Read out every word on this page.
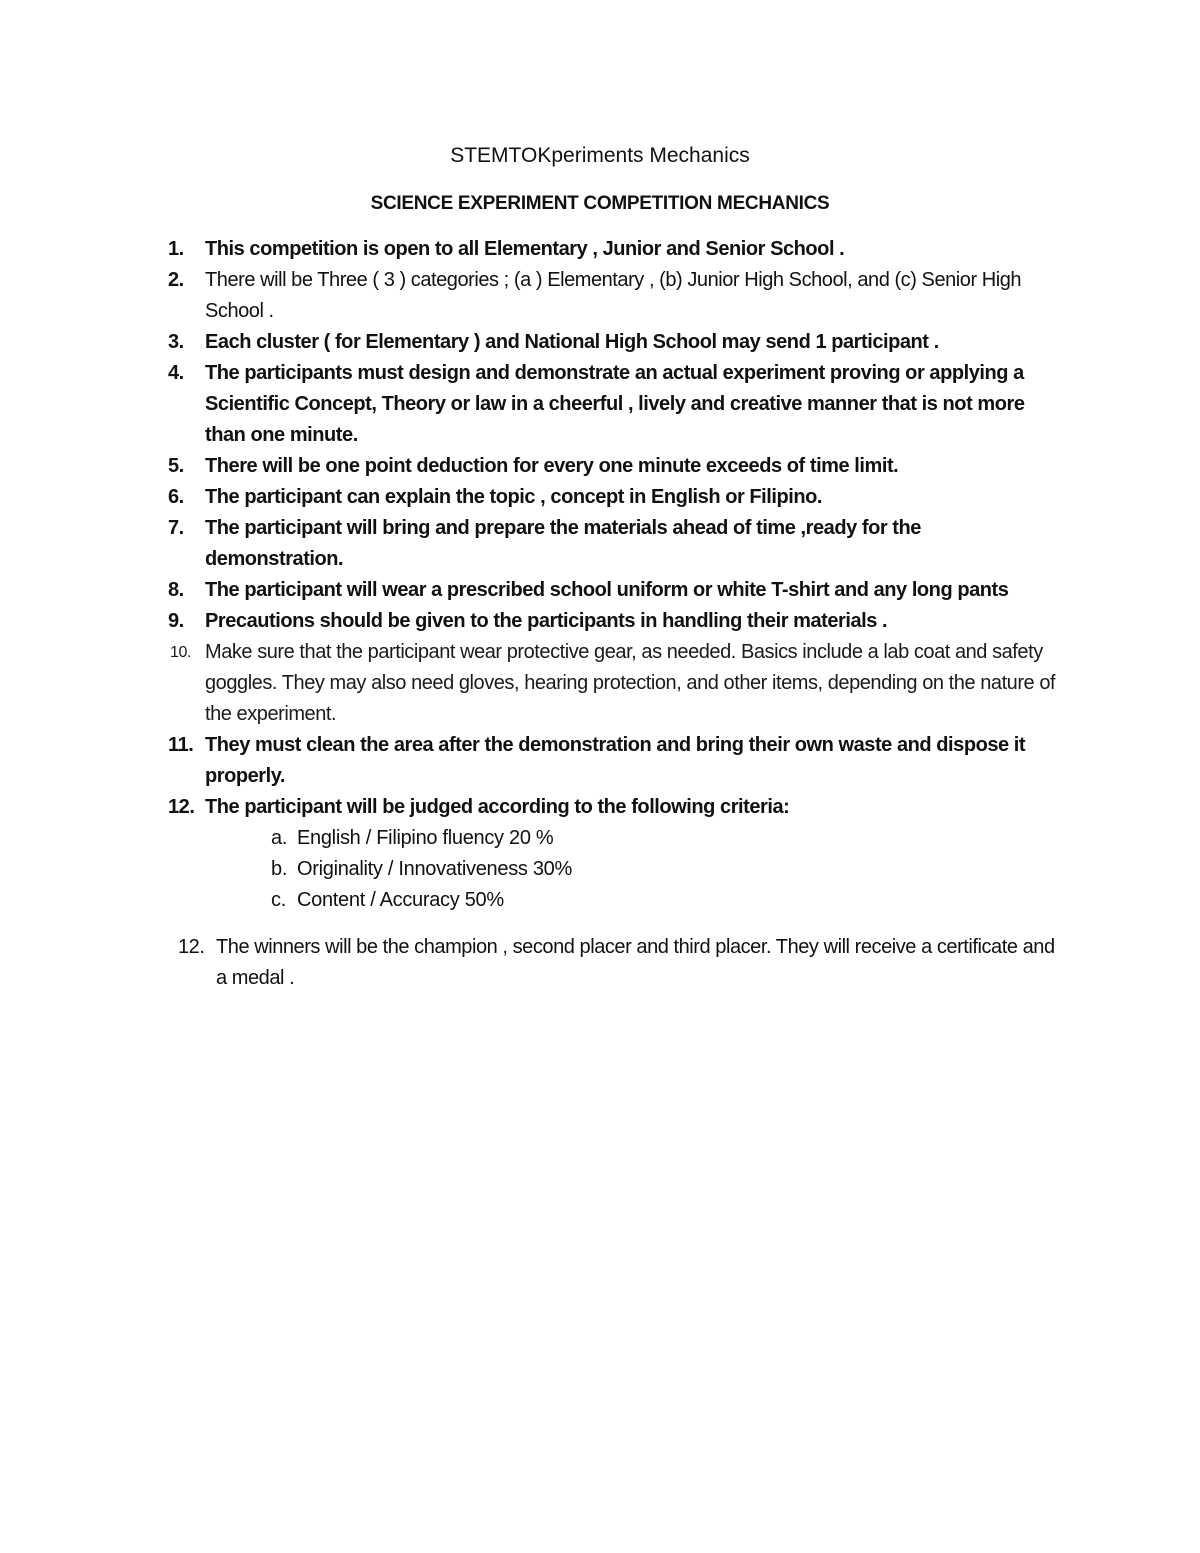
STEMTOKperiments Mechanics
SCIENCE EXPERIMENT COMPETITION MECHANICS
1.	This competition is open to all Elementary , Junior and Senior School .
2.	There will be Three ( 3 ) categories ; (a ) Elementary , (b) Junior High School, and (c) Senior High School .
3.	Each cluster ( for Elementary ) and National High School may send 1 participant .
4.	The participants must design and demonstrate an actual experiment proving or applying a Scientific Concept, Theory or law in a cheerful , lively and creative manner that is not more than one minute.
5.	There will be one point deduction for every one minute exceeds of time limit.
6.	The participant can explain the topic , concept in English or Filipino.
7.	The participant will bring and prepare the materials ahead of time ,ready for the demonstration.
8.	The participant will wear a prescribed school uniform or white T-shirt and any long pants
9.	Precautions should be given to the participants in handling their materials .
10. Make sure that the participant wear protective gear, as needed. Basics include a lab coat and safety goggles. They may also need gloves, hearing protection, and other items, depending on the nature of the experiment.
11. They must clean the area after the demonstration and bring their own waste and dispose it properly.
12. The participant will be judged according to the following criteria:
a. English / Filipino fluency 20 %
b. Originality / Innovativeness 30%
c. Content / Accuracy 50%
12. The winners will be the champion , second placer and third placer. They will receive a certificate and a medal .
